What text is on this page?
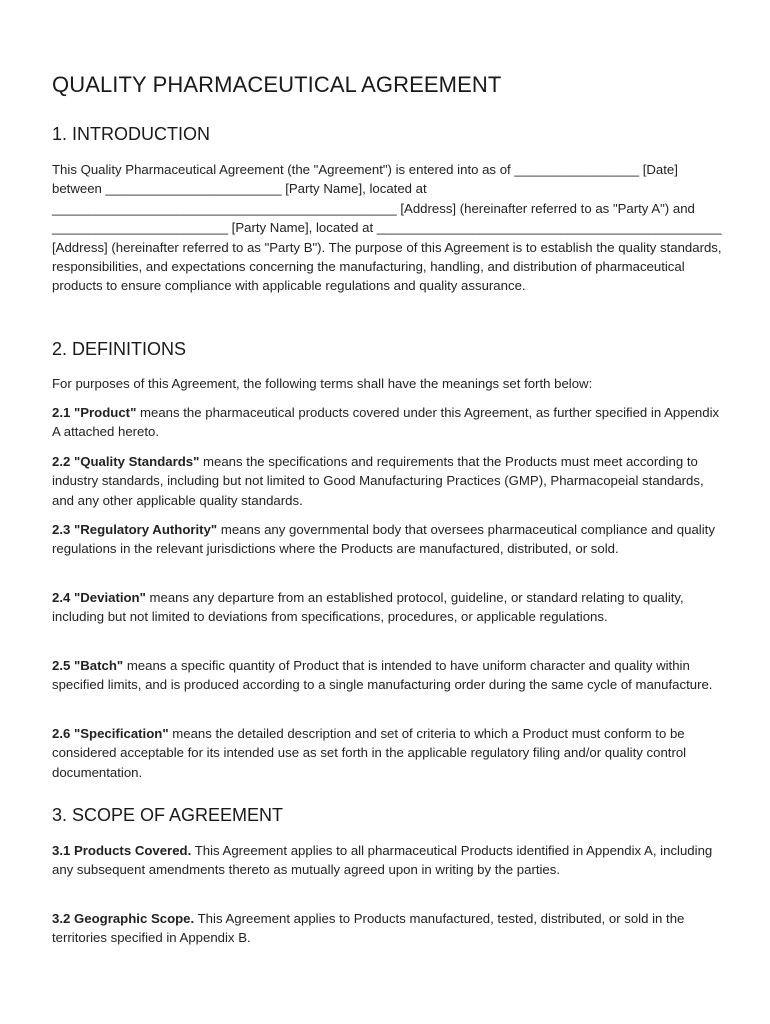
QUALITY PHARMACEUTICAL AGREEMENT
1. INTRODUCTION

This Quality Pharmaceutical Agreement (the "Agreement") is entered into as of _________________ [Date] between ________________________ [Party Name], located at _______________________________________________ [Address] (hereinafter referred to as "Party A") and ________________________ [Party Name], located at _______________________________________________ [Address] (hereinafter referred to as "Party B"). The purpose of this Agreement is to establish the quality standards, responsibilities, and expectations concerning the manufacturing, handling, and distribution of pharmaceutical products to ensure compliance with applicable regulations and quality assurance.

2. DEFINITIONS

For purposes of this Agreement, the following terms shall have the meanings set forth below:

2.1 "Product" means the pharmaceutical products covered under this Agreement, as further specified in Appendix A attached hereto.

2.2 "Quality Standards" means the specifications and requirements that the Products must meet according to industry standards, including but not limited to Good Manufacturing Practices (GMP), Pharmacopeial standards, and any other applicable quality standards.

2.3 "Regulatory Authority" means any governmental body that oversees pharmaceutical compliance and quality regulations in the relevant jurisdictions where the Products are manufactured, distributed, or sold.

2.4 "Deviation" means any departure from an established protocol, guideline, or standard relating to quality, including but not limited to deviations from specifications, procedures, or applicable regulations.

2.5 "Batch" means a specific quantity of Product that is intended to have uniform character and quality within specified limits, and is produced according to a single manufacturing order during the same cycle of manufacture.

2.6 "Specification" means the detailed description and set of criteria to which a Product must conform to be considered acceptable for its intended use as set forth in the applicable regulatory filing and/or quality control documentation.

3. SCOPE OF AGREEMENT

3.1 Products Covered. This Agreement applies to all pharmaceutical Products identified in Appendix A, including any subsequent amendments thereto as mutually agreed upon in writing by the parties.

3.2 Geographic Scope. This Agreement applies to Products manufactured, tested, distributed, or sold in the territories specified in Appendix B.
